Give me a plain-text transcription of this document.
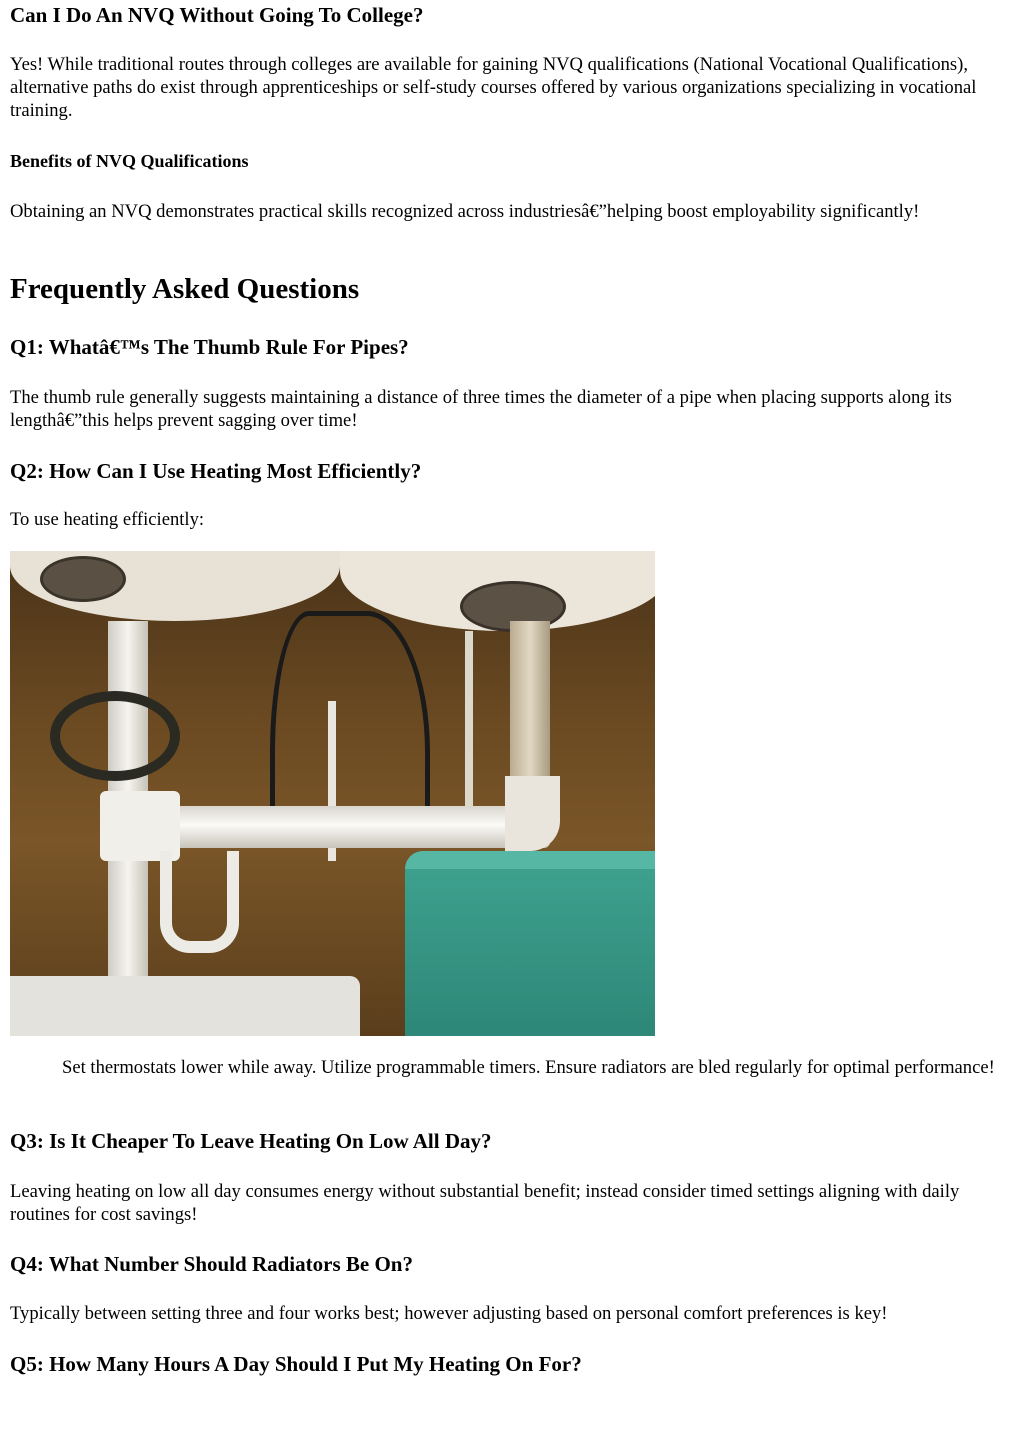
Can I Do An NVQ Without Going To College?

Yes! While traditional routes through colleges are available for gaining NVQ qualifications (National Vocational Qualifications), alternative paths do exist through apprenticeships or self-study courses offered by various organizations specializing in vocational training.

Benefits of NVQ Qualifications

Obtaining an NVQ demonstrates practical skills recognized across industriesâ€”helping boost employability significantly!

Frequently Asked Questions
Q1: Whatâ€™s The Thumb Rule For Pipes?

The thumb rule generally suggests maintaining a distance of three times the diameter of a pipe when placing supports along its lengthâ€”this helps prevent sagging over time!

Q2: How Can I Use Heating Most Efficiently?

To use heating efficiently:

Set thermostats lower while away. Utilize programmable timers. Ensure radiators are bled regularly for optimal performance!
Q3: Is It Cheaper To Leave Heating On Low All Day?

Leaving heating on low all day consumes energy without substantial benefit; instead consider timed settings aligning with daily routines for cost savings!

Q4: What Number Should Radiators Be On?

Typically between setting three and four works best; however adjusting based on personal comfort preferences is key!

Q5: How Many Hours A Day Should I Put My Heating On For?
